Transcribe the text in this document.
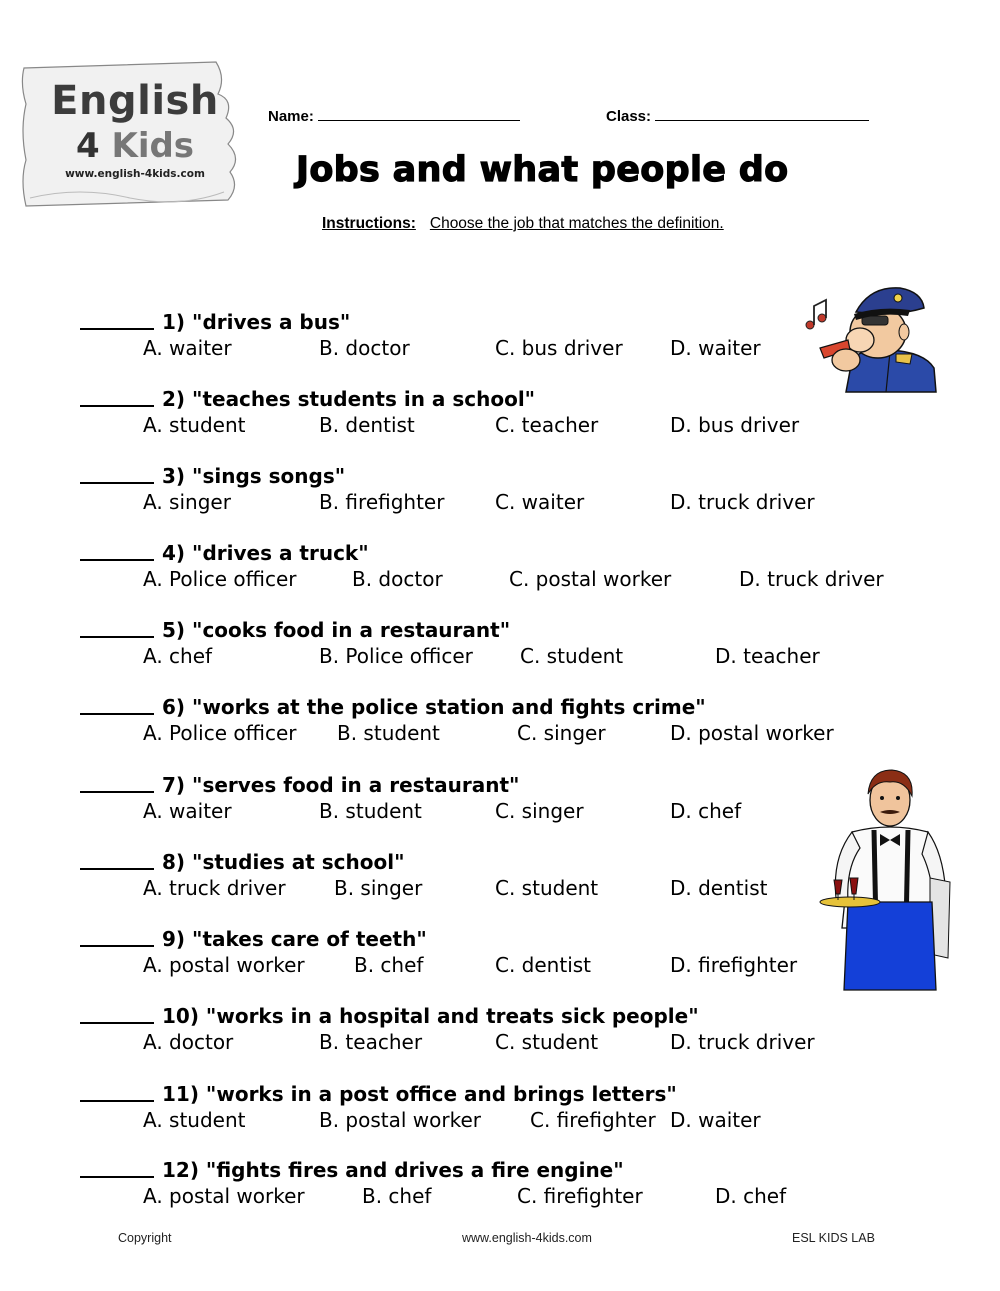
English
4 Kids
www.english-4kids.com
Name:	Class:
Jobs and what people do
Instructions: Choose the job that matches the definition.
1) "drives a bus"
A. waiter	B. doctor	C. bus driver D. waiter
2) "teaches students in a school"
A. student	B. dentist	C. teacher	D. bus driver
3) "sings songs"
A. singer	B. firefighter	C. waiter	D. truck driver
4) "drives a truck"
A. Police officer	B. doctor	C. postal worker	D. truck driver
5) "cooks food in a restaurant"
A. chef	B. Police officer C. student	D. teacher
6) "works at the police station and fights crime"
A. Police officer B. student	C. singer	D. postal worker
7) "serves food in a restaurant"
A. waiter	B. student	C. singer	D. chef
8) "studies at school"
A. truck driver B. singer	C. student	D. dentist
9) "takes care of teeth"
A. postal worker B. chef	C. dentist	D. firefighter
10) "works in a hospital and treats sick people"
A. doctor	B. teacher	C. student	D. truck driver
11) "works in a post office and brings letters"
A. student	B. postal worker C. firefighter D. waiter
12) "fights fires and drives a fire engine"
A. postal worker	B. chef	C. firefighter	D. chef
Copyright	www.english-4kids.com	ESL KIDS LAB
